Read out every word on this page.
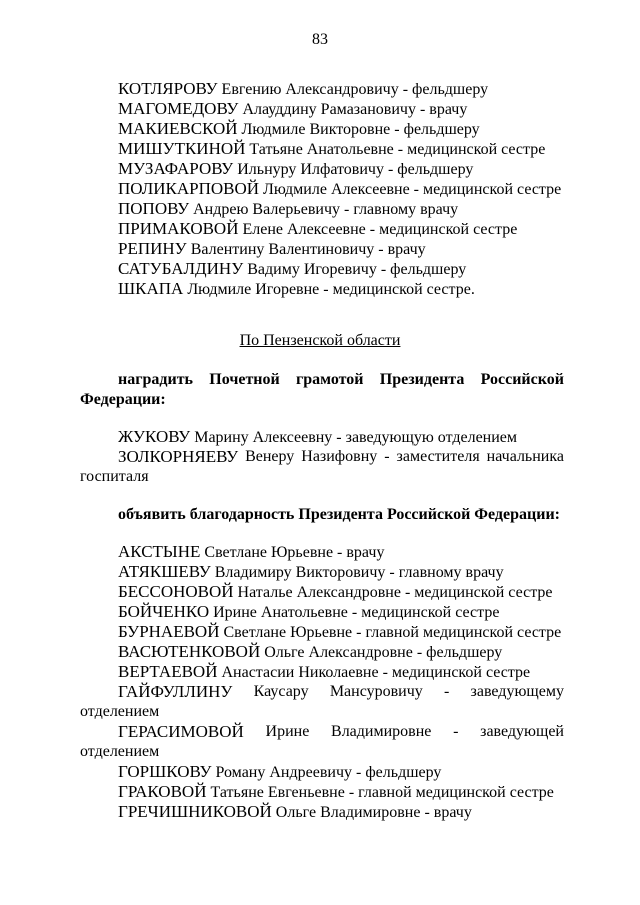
83
КОТЛЯРОВУ Евгению Александровичу - фельдшеру
МАГОМЕДОВУ Алауддину Рамазановичу - врачу
МАКИЕВСКОЙ Людмиле Викторовне - фельдшеру
МИШУТКИНОЙ Татьяне Анатольевне - медицинской сестре
МУЗАФАРОВУ Ильнуру Илфатовичу - фельдшеру
ПОЛИКАРПОВОЙ Людмиле Алексеевне - медицинской сестре
ПОПОВУ Андрею Валерьевичу - главному врачу
ПРИМАКОВОЙ Елене Алексеевне - медицинской сестре
РЕПИНУ Валентину Валентиновичу - врачу
САТУБАЛДИНУ Вадиму Игоревичу - фельдшеру
ШКАПА Людмиле Игоревне - медицинской сестре.
По Пензенской области
наградить Почетной грамотой Президента Российской
Федерации:
ЖУКОВУ Марину Алексеевну - заведующую отделением
ЗОЛКОРНЯЕВУ Венеру Назифовну - заместителя начальника
госпиталя
объявить благодарность Президента Российской Федерации:
АКСТЫНЕ Светлане Юрьевне - врачу
АТЯКШЕВУ Владимиру Викторовичу - главному врачу
БЕССОНОВОЙ Наталье Александровне - медицинской сестре
БОЙЧЕНКО Ирине Анатольевне - медицинской сестре
БУРНАЕВОЙ Светлане Юрьевне - главной медицинской сестре
ВАСЮТЕНКОВОЙ Ольге Александровне - фельдшеру
ВЕРТАЕВОЙ Анастасии Николаевне - медицинской сестре
ГАЙФУЛЛИНУ Каусару Мансуровичу - заведующему
отделением
ГЕРАСИМОВОЙ Ирине Владимировне - заведующей
отделением
ГОРШКОВУ Роману Андреевичу - фельдшеру
ГРАКОВОЙ Татьяне Евгеньевне - главной медицинской сестре
ГРЕЧИШНИКОВОЙ Ольге Владимировне - врачу
